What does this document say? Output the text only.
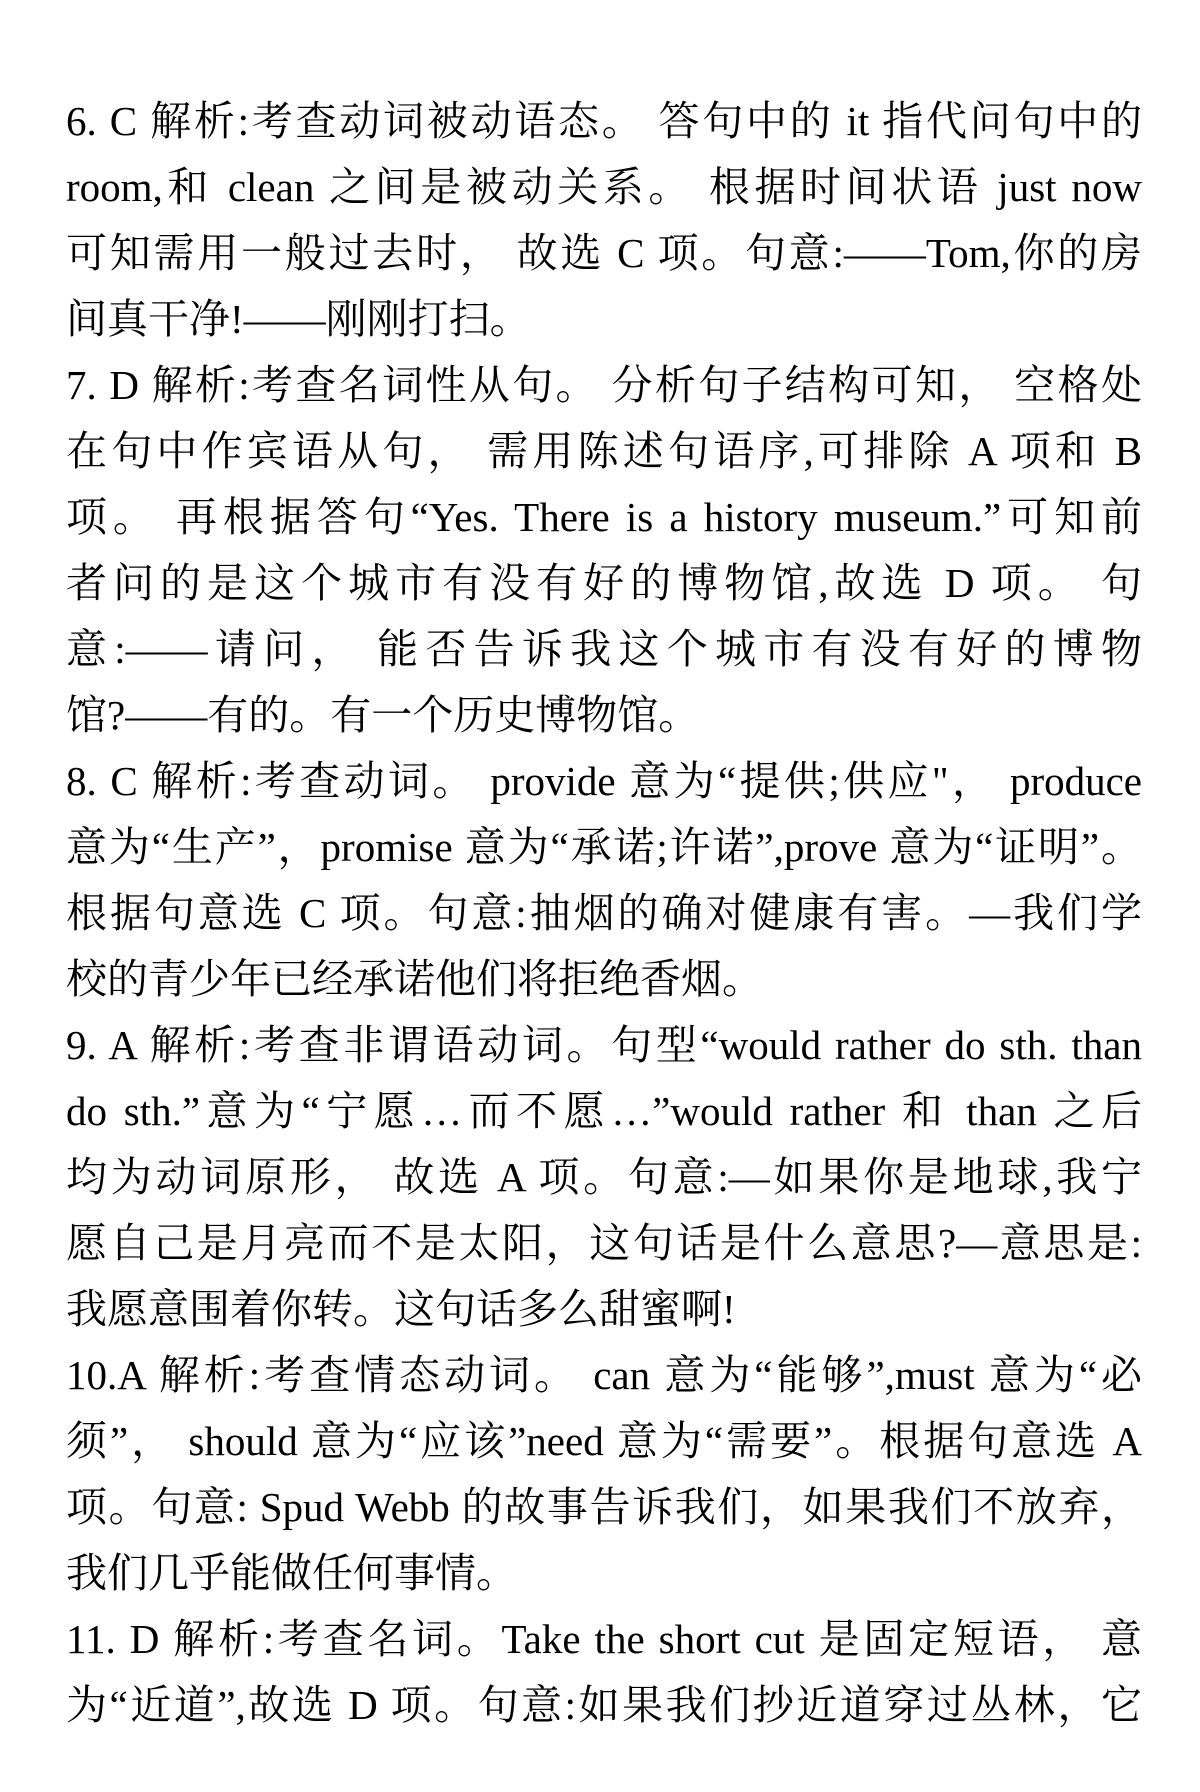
6. C 解析:考查动词被动语态。 答句中的 it 指代问句中的
room,和 clean 之间是被动关系。 根据时间状语 just now
可知需用一般过去时， 故选 C 项。句意:——Tom,你的房
间真干净!——刚刚打扫。
7. D 解析:考查名词性从句。 分析句子结构可知， 空格处
在句中作宾语从句， 需用陈述句语序,可排除 A 项和 B
项。 再根据答句“Yes. There is a history museum.”可知前
者问的是这个城市有没有好的博物馆,故选 D 项。 句
意:——请问， 能否告诉我这个城市有没有好的博物
馆?——有的。有一个历史博物馆。
8. C 解析:考查动词。 provide 意为“提供;供应"， produce
意为“生产”，promise 意为“承诺;许诺”,prove 意为“证明”。
根据句意选 C 项。句意:抽烟的确对健康有害。—我们学
校的青少年已经承诺他们将拒绝香烟。
9. A 解析:考查非谓语动词。句型“would rather do sth. than
do sth.”意为“宁愿…而不愿…”would rather 和 than 之后
均为动词原形， 故选 A 项。句意:—如果你是地球,我宁
愿自己是月亮而不是太阳，这句话是什么意思?—意思是:
我愿意围着你转。这句话多么甜蜜啊!
10.A 解析:考查情态动词。 can 意为“能够”,must 意为“必
须”， should 意为“应该”need 意为“需要”。根据句意选 A
项。句意: Spud Webb 的故事告诉我们，如果我们不放弃，
我们几乎能做任何事情。
11. D 解析:考查名词。Take the short cut 是固定短语， 意
为“近道”,故选 D 项。句意:如果我们抄近道穿过丛林，它
